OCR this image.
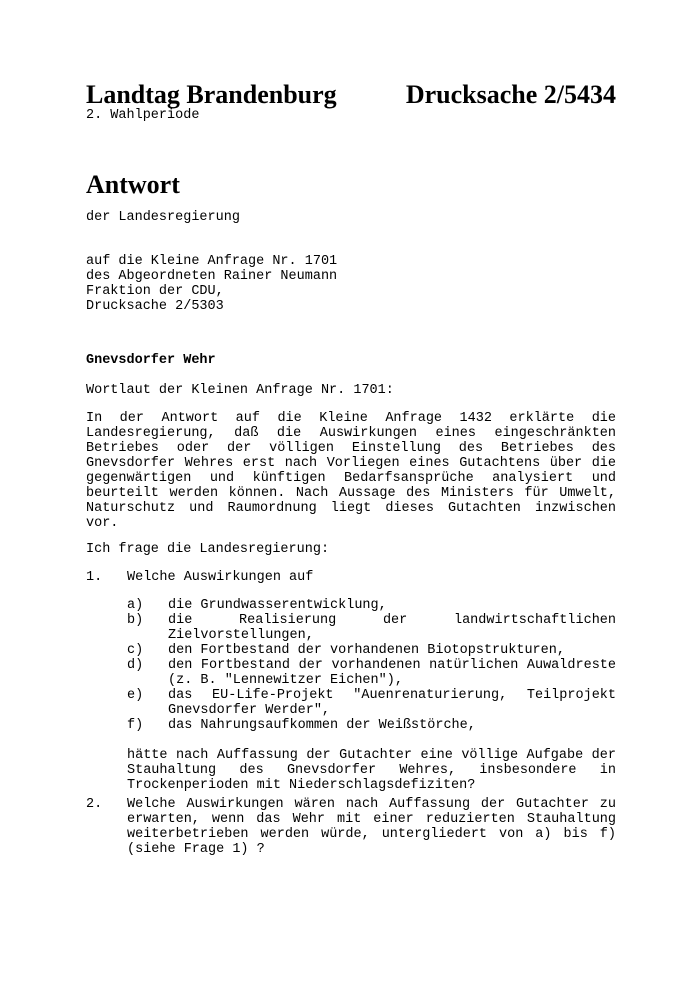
Landtag Brandenburg	Drucksache 2/5434
2. Wahlperiode
Antwort
der Landesregierung
auf die Kleine Anfrage Nr. 1701
des Abgeordneten Rainer Neumann
Fraktion der CDU,
Drucksache 2/5303
Gnevsdorfer Wehr
Wortlaut der Kleinen Anfrage Nr. 1701:
In der Antwort auf die Kleine Anfrage 1432 erklärte die Landesregierung, daß die Auswirkungen eines eingeschränkten Betriebes oder der völligen Einstellung des Betriebes des Gnevsdorfer Wehres erst nach Vorliegen eines Gutachtens über die gegenwärtigen und künftigen Bedarfsansprüche analysiert und beurteilt werden können. Nach Aussage des Ministers für Umwelt, Naturschutz und Raumordnung liegt dieses Gutachten inzwischen vor.
Ich frage die Landesregierung:
1.	Welche Auswirkungen auf
a)	die Grundwasserentwicklung,
b)	die Realisierung der landwirtschaftlichen Zielvorstellungen,
c)	den Fortbestand der vorhandenen Biotopstrukturen,
d)	den Fortbestand der vorhandenen natürlichen Auwaldreste (z. B. "Lennewitzer Eichen"),
e)	das EU-Life-Projekt "Auenrenaturierung, Teilprojekt Gnevsdorfer Werder",
f)	das Nahrungsaufkommen der Weißstörche,
hätte nach Auffassung der Gutachter eine völlige Aufgabe der Stauhaltung des Gnevsdorfer Wehres, insbesondere in Trockenperioden mit Niederschlagsdefiziten?
2.	Welche Auswirkungen wären nach Auffassung der Gutachter zu erwarten, wenn das Wehr mit einer reduzierten Stauhaltung weiterbetrieben werden würde, untergliedert von a) bis f) (siehe Frage 1) ?
